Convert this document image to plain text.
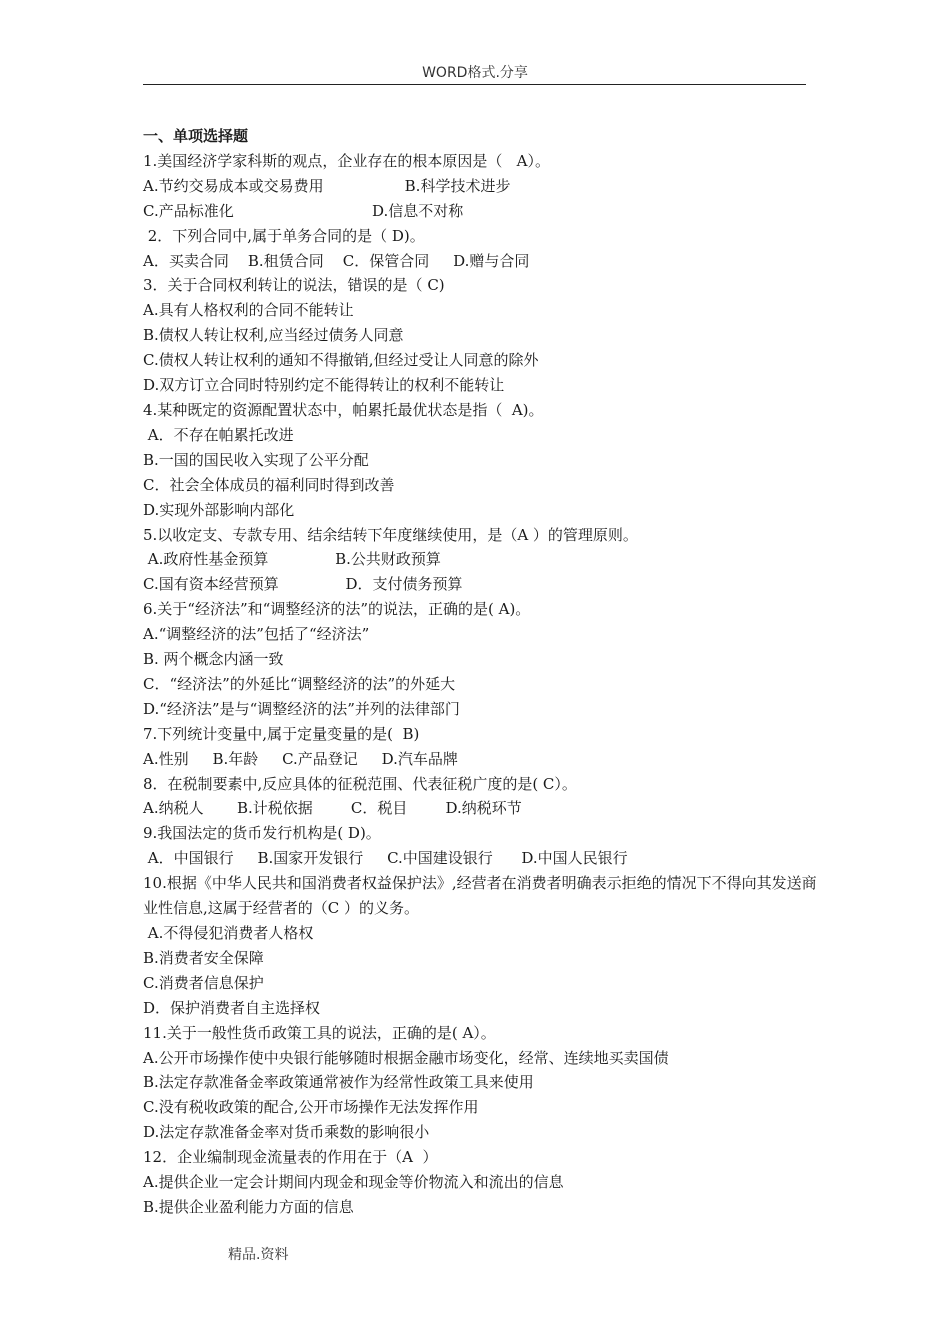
WORD格式.分享
一、单项选择题
1.美国经济学家科斯的观点，企业存在的根本原因是（   A）。
A.节约交易成本或交易费用                 B.科学技术进步
C.产品标准化                             D.信息不对称
2．下列合同中,属于单务合同的是（ D)。
A．买卖合同    B.租赁合同    C．保管合同     D.赠与合同
3．关于合同权利转让的说法，错误的是（ C)
A.具有人格权利的合同不能转让
B.债权人转让权利,应当经过债务人同意
C.债权人转让权利的通知不得撤销,但经过受让人同意的除外
D.双方订立合同时特别约定不能得转让的权利不能转让
4.某种既定的资源配置状态中，帕累托最优状态是指（  A)。
A．不存在帕累托改进
B.一国的国民收入实现了公平分配
C．社会全体成员的福利同时得到改善
D.实现外部影响内部化
5.以收定支、专款专用、结余结转下年度继续使用，是（A ）的管理原则。
A.政府性基金预算              B.公共财政预算
C.国有资本经营预算              D．支付债务预算
6.关于“经济法”和“调整经济的法”的说法，正确的是( A)。
A.“调整经济的法”包括了“经济法”
B. 两个概念内涵一致
C．“经济法”的外延比“调整经济的法”的外延大
D.“经济法”是与“调整经济的法”并列的法律部门
7.下列统计变量中,属于定量变量的是(  B)
A.性别     B.年龄     C.产品登记     D.汽车品牌
8．在税制要素中,反应具体的征税范围、代表征税广度的是( C）。
A.纳税人       B.计税依据        C．税目        D.纳税环节
9.我国法定的货币发行机构是( D)。
A．中国银行     B.国家开发银行     C.中国建设银行      D.中国人民银行
10.根据《中华人民共和国消费者权益保护法》,经营者在消费者明确表示拒绝的情况下不得向其发送商业性信息,这属于经营者的（C ）的义务。
A.不得侵犯消费者人格权
B.消费者安全保障
C.消费者信息保护
D．保护消费者自主选择权
11.关于一般性货币政策工具的说法，正确的是( A）。
A.公开市场操作使中央银行能够随时根据金融市场变化，经常、连续地买卖国债
B.法定存款准备金率政策通常被作为经常性政策工具来使用
C.没有税收政策的配合,公开市场操作无法发挥作用
D.法定存款准备金率对货币乘数的影响很小
12．企业编制现金流量表的作用在于（A  ）
A.提供企业一定会计期间内现金和现金等价物流入和流出的信息
B.提供企业盈利能力方面的信息
精品.资料
